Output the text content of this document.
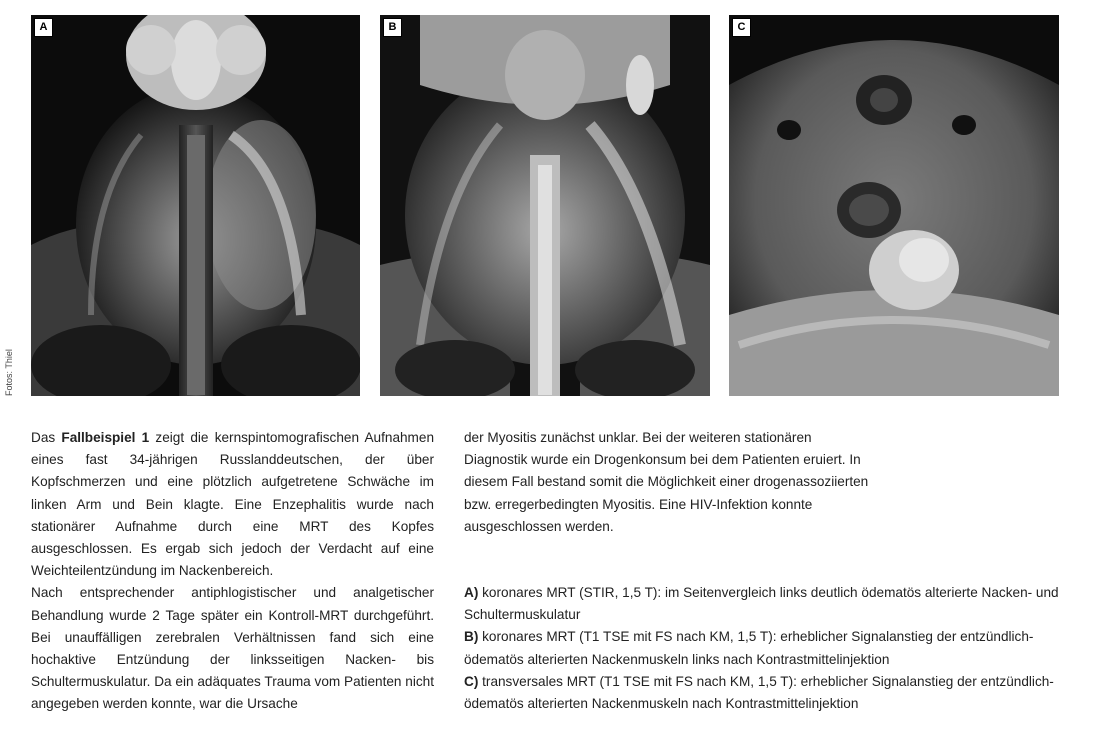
Fotos: Thiel
A	B	C

Das Fallbeispiel 1 zeigt die kernspintomografischen Aufnahmen eines fast 34-jährigen Russlanddeutschen, der über Kopfschmerzen und eine plötzlich aufgetretene Schwäche im linken Arm und Bein klagte. Eine Enzephalitis wurde nach stationärer Aufnahme durch eine MRT des Kopfes ausgeschlossen. Es ergab sich jedoch der Verdacht auf eine Weichteilentzündung im Nackenbereich.

Nach entsprechender antiphlogistischer und analgetischer Behandlung wurde 2 Tage später ein Kontroll-MRT durchgeführt. Bei unauffälligen zerebralen Verhältnissen fand sich eine hochaktive Entzündung der linksseitigen Nacken- bis Schultermuskulatur. Da ein adäquates Trauma vom Patienten nicht angegeben werden konnte, war die Ursache

der Myositis zunächst unklar. Bei der weiteren stationären Diagnostik wurde ein Drogenkonsum bei dem Patienten eruiert. In diesem Fall bestand somit die Möglichkeit einer drogenassoziierten bzw. erregerbedingten Myositis. Eine HIV-Infektion konnte ausgeschlossen werden.

A) koronares MRT (STIR, 1,5 T): im Seitenvergleich links deutlich ödematös alterierte Nacken- und Schultermuskulatur

B) koronares MRT (T1 TSE mit FS nach KM, 1,5 T): erheblicher Signalanstieg der entzündlich-ödematös alterierten Nackenmuskeln links nach Kontrastmittelinjektion

C) transversales MRT (T1 TSE mit FS nach KM, 1,5 T): erheblicher Signalanstieg der entzündlich-ödematös alterierten Nackenmuskeln nach Kontrastmittelinjektion
